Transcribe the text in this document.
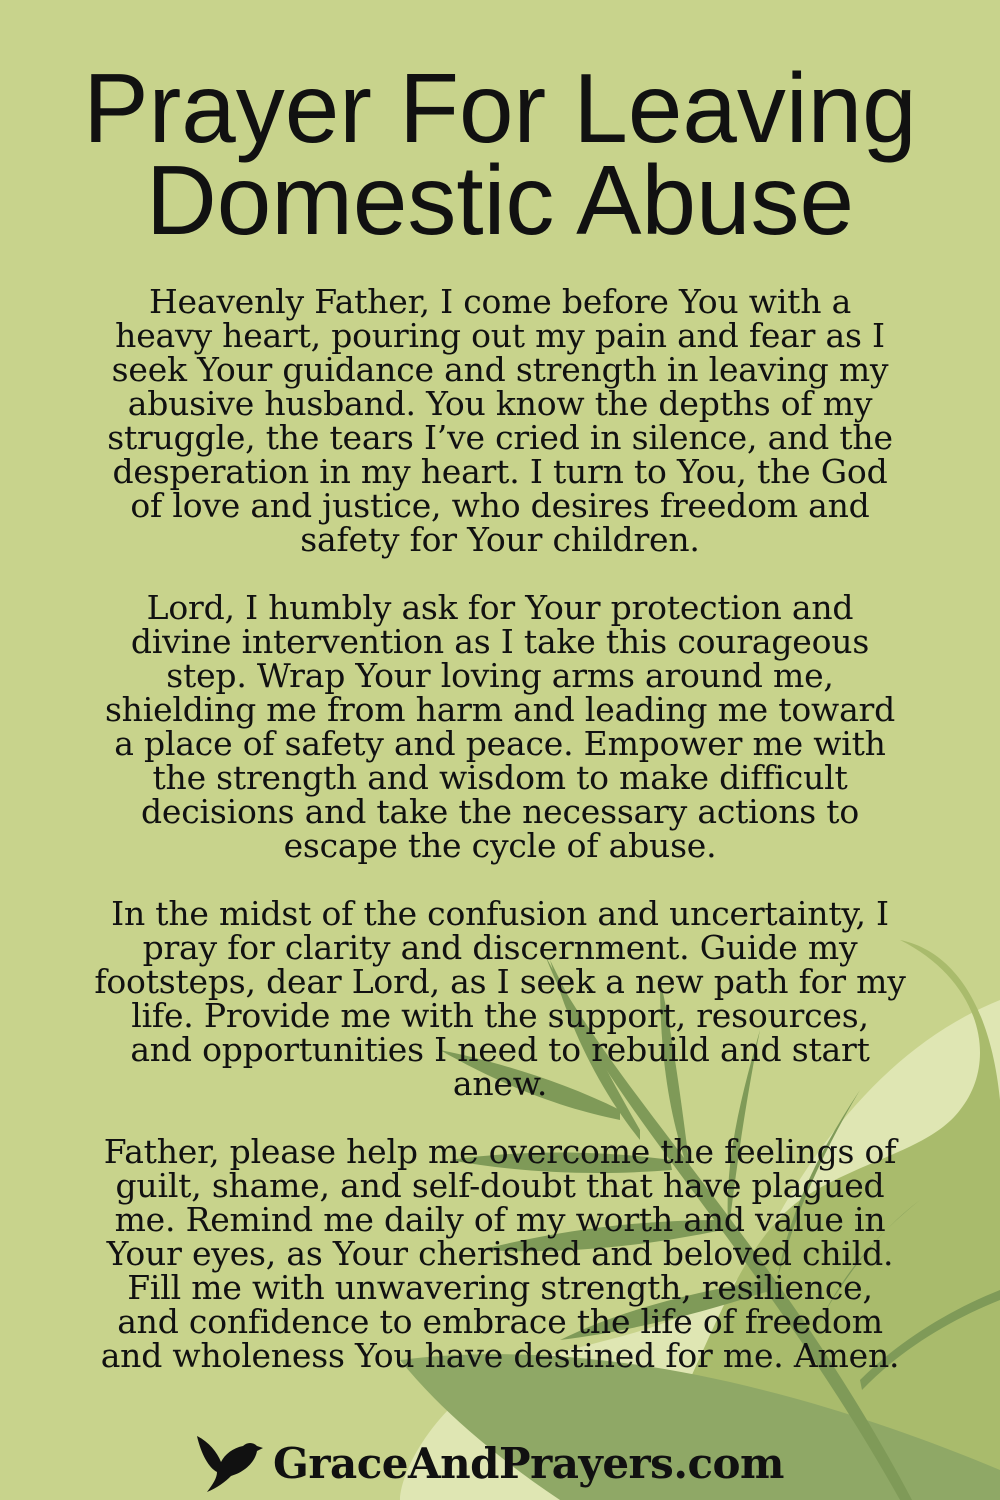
Prayer For Leaving
Domestic Abuse
Heavenly Father, I come before You with a
heavy heart, pouring out my pain and fear as I
seek Your guidance and strength in leaving my
abusive husband. You know the depths of my
struggle, the tears I’ve cried in silence, and the
desperation in my heart. I turn to You, the God
of love and justice, who desires freedom and
safety for Your children.
Lord, I humbly ask for Your protection and
divine intervention as I take this courageous
step. Wrap Your loving arms around me,
shielding me from harm and leading me toward
a place of safety and peace. Empower me with
the strength and wisdom to make difficult
decisions and take the necessary actions to
escape the cycle of abuse.
In the midst of the confusion and uncertainty, I
pray for clarity and discernment. Guide my
footsteps, dear Lord, as I seek a new path for my
life. Provide me with the support, resources,
and opportunities I need to rebuild and start
anew.
Father, please help me overcome the feelings of
guilt, shame, and self-doubt that have plagued
me. Remind me daily of my worth and value in
Your eyes, as Your cherished and beloved child.
Fill me with unwavering strength, resilience,
and confidence to embrace the life of freedom
and wholeness You have destined for me. Amen.
GraceAndPrayers.com
